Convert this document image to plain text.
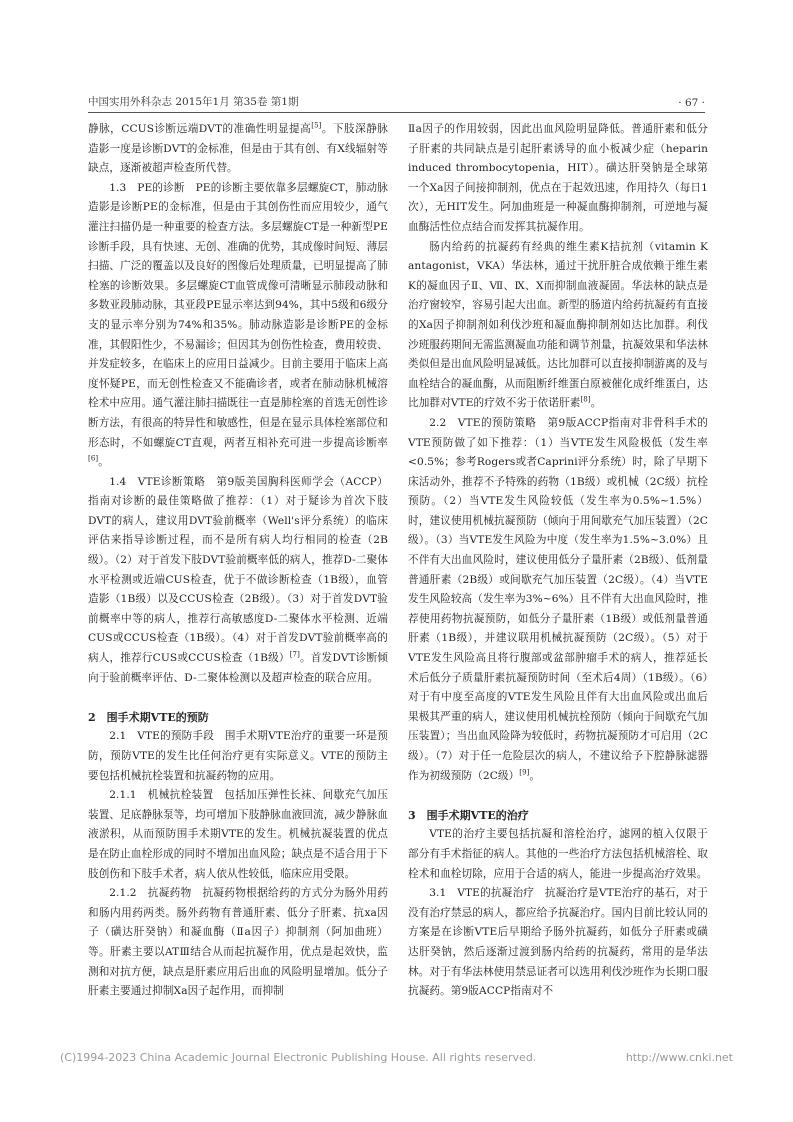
中国实用外科杂志 2015年1月 第35卷 第1期	· 67 ·

静脉，CCUS诊断远端DVT的准确性明显提高[5]。下肢深静脉造影一度是诊断DVT的金标准，但是由于其有创、有X线辐射等缺点，逐渐被超声检查所代替。

1.3　PE的诊断　PE的诊断主要依靠多层螺旋CT，肺动脉造影是诊断PE的金标准，但是由于其创伤性而应用较少，通气灌注扫描仍是一种重要的检查方法。多层螺旋CT是一种新型PE诊断手段，具有快速、无创、准确的优势，其成像时间短、薄层扫描、广泛的覆盖以及良好的图像后处理质量，已明显提高了肺栓塞的诊断效果。多层螺旋CT血管成像可清晰显示肺段动脉和多数亚段肺动脉，其亚段PE显示率达到94%，其中5级和6级分支的显示率分别为74%和35%。肺动脉造影是诊断PE的金标准，其假阳性少，不易漏诊；但因其为创伤性检查，费用较贵、并发症较多，在临床上的应用日益减少。目前主要用于临床上高度怀疑PE，而无创性检查又不能确诊者，或者在肺动脉机械溶栓术中应用。通气灌注肺扫描既往一直是肺栓塞的首选无创性诊断方法，有很高的特异性和敏感性，但是在显示具体栓塞部位和形态时，不如螺旋CT直观，两者互相补充可进一步提高诊断率[6]。

1.4　VTE诊断策略　第9版美国胸科医师学会（ACCP）指南对诊断的最佳策略做了推荐：（1）对于疑诊为首次下肢DVT的病人，建议用DVT验前概率（Well's评分系统）的临床评估来指导诊断过程，而不是所有病人均行相同的检查（2B级）。（2）对于首发下肢DVT验前概率低的病人，推荐D-二聚体水平检测或近端CUS检查，优于不做诊断检查（1B级），血管造影（1B级）以及CCUS检查（2B级）。（3）对于首发DVT验前概率中等的病人，推荐行高敏感度D-二聚体水平检测、近端CUS或CCUS检查（1B级）。（4）对于首发DVT验前概率高的病人，推荐行CUS或CCUS检查（1B级）[7]。首发DVT诊断倾向于验前概率评估、D-二聚体检测以及超声检查的联合应用。

2　围手术期VTE的预防

2.1　VTE的预防手段　围手术期VTE治疗的重要一环是预防，预防VTE的发生比任何治疗更有实际意义。VTE的预防主要包括机械抗栓装置和抗凝药物的应用。

2.1.1　机械抗栓装置　包括加压弹性长袜、间歇充气加压装置、足底静脉泵等，均可增加下肢静脉血液回流，减少静脉血液淤积，从而预防围手术期VTE的发生。机械抗凝装置的优点是在防止血栓形成的同时不增加出血风险；缺点是不适合用于下肢创伤和下肢手术者，病人依从性较低，临床应用受限。

2.1.2　抗凝药物　抗凝药物根据给药的方式分为肠外用药和肠内用药两类。肠外药物有普通肝素、低分子肝素、抗xa因子（磺达肝癸钠）和凝血酶（Ⅱa因子）抑制剂（阿加曲班）等。肝素主要以ATⅢ结合从而起抗凝作用，优点是起效快，监测和对抗方便，缺点是肝素应用后出血的风险明显增加。低分子肝素主要通过抑制Xa因子起作用，而抑制

Ⅱa因子的作用较弱，因此出血风险明显降低。普通肝素和低分子肝素的共同缺点是引起肝素诱导的血小板减少症（heparin induced thrombocytopenia，HIT）。磺达肝癸钠是全球第一个Xa因子间接抑制剂，优点在于起效迅速，作用持久（每日1次），无HIT发生。阿加曲班是一种凝血酶抑制剂，可逆地与凝血酶活性位点结合而发挥其抗凝作用。

肠内给药的抗凝药有经典的维生素K拮抗剂（vitamin K antagonist，VKA）华法林，通过干扰肝脏合成依赖于维生素K的凝血因子Ⅱ、Ⅶ、Ⅸ、Ⅹ而抑制血液凝固。华法林的缺点是治疗窗较窄，容易引起大出血。新型的肠道内给药抗凝药有直接的Xa因子抑制剂如利伐沙班和凝血酶抑制剂如达比加群。利伐沙班服药期间无需监测凝血功能和调节剂量，抗凝效果和华法林类似但是出血风险明显减低。达比加群可以直接抑制游离的及与血栓结合的凝血酶，从而阻断纤维蛋白原被催化成纤维蛋白，达比加群对VTE的疗效不劣于依诺肝素[8]。

2.2　VTE的预防策略　第9版ACCP指南对非骨科手术的VTE预防做了如下推荐：（1）当VTE发生风险极低（发生率<0.5%；参考Rogers或者Caprini评分系统）时，除了早期下床活动外，推荐不予特殊的药物（1B级）或机械（2C级）抗栓预防。（2）当VTE发生风险较低（发生率为0.5%~1.5%）时，建议使用机械抗凝预防（倾向于用间歇充气加压装置）（2C级）。（3）当VTE发生风险为中度（发生率为1.5%~3.0%）且不伴有大出血风险时，建议使用低分子量肝素（2B级）、低剂量普通肝素（2B级）或间歇充气加压装置（2C级）。（4）当VTE发生风险较高（发生率为3%~6%）且不伴有大出血风险时，推荐使用药物抗凝预防，如低分子量肝素（1B级）或低剂量普通肝素（1B级），并建议联用机械抗凝预防（2C级）。（5）对于VTE发生风险高且将行腹部或盆部肿瘤手术的病人，推荐延长术后低分子质量肝素抗凝预防时间（至术后4周）（1B级）。（6）对于有中度至高度的VTE发生风险且伴有大出血风险或出血后果极其严重的病人，建议使用机械抗栓预防（倾向于间歇充气加压装置）；当出血风险降为较低时，药物抗凝预防才可启用（2C级）。（7）对于任一危险层次的病人，不建议给予下腔静脉滤器作为初级预防（2C级）[9]。

3　围手术期VTE的治疗

VTE的治疗主要包括抗凝和溶栓治疗，滤网的植入仅限于部分有手术指征的病人。其他的一些治疗方法包括机械溶栓、取栓术和血栓切除，应用于合适的病人，能进一步提高治疗效果。

3.1　VTE的抗凝治疗　抗凝治疗是VTE治疗的基石，对于没有治疗禁忌的病人，都应给予抗凝治疗。国内目前比较认同的方案是在诊断VTE后早期给予肠外抗凝药，如低分子肝素或磺达肝癸钠，然后逐渐过渡到肠内给药的抗凝药，常用的是华法林。对于有华法林使用禁忌证者可以选用利伐沙班作为长期口服抗凝药。第9版ACCP指南对不

(C)1994-2023 China Academic Journal Electronic Publishing House. All rights reserved.	http://www.cnki.net
